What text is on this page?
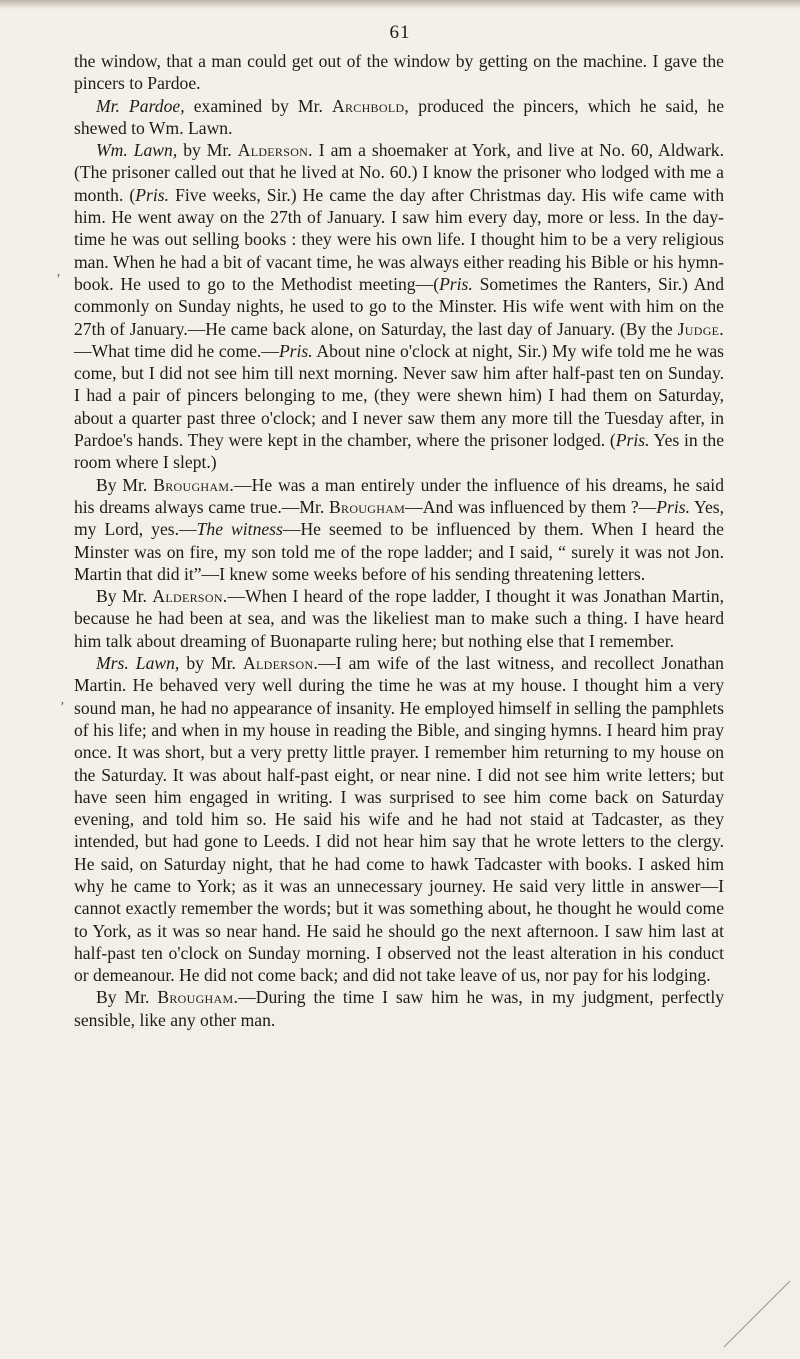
61
’
’

the window, that a man could get out of the window by getting on the machine. I gave the pincers to Pardoe.

Mr. Pardoe, examined by Mr. Archbold, produced the pincers, which he said, he shewed to Wm. Lawn.

Wm. Lawn, by Mr. Alderson. I am a shoemaker at York, and live at No. 60, Aldwark. (The prisoner called out that he lived at No. 60.) I know the prisoner who lodged with me a month. (Pris. Five weeks, Sir.) He came the day after Christmas day. His wife came with him. He went away on the 27th of January. I saw him every day, more or less. In the day-time he was out selling books : they were his own life. I thought him to be a very religious man. When he had a bit of vacant time, he was always either reading his Bible or his hymn-book. He used to go to the Methodist meeting—(Pris. Sometimes the Ranters, Sir.) And commonly on Sunday nights, he used to go to the Minster. His wife went with him on the 27th of January.—He came back alone, on Saturday, the last day of January. (By the Judge.—What time did he come.—Pris. About nine o'clock at night, Sir.) My wife told me he was come, but I did not see him till next morning. Never saw him after half-past ten on Sunday. I had a pair of pincers belonging to me, (they were shewn him) I had them on Saturday, about a quarter past three o'clock; and I never saw them any more till the Tuesday after, in Pardoe's hands. They were kept in the chamber, where the prisoner lodged. (Pris. Yes in the room where I slept.)

By Mr. Brougham.—He was a man entirely under the influence of his dreams, he said his dreams always came true.—Mr. Brougham—And was influenced by them ?—Pris. Yes, my Lord, yes.—The witness—He seemed to be influenced by them. When I heard the Minster was on fire, my son told me of the rope ladder; and I said, “ surely it was not Jon. Martin that did it”—I knew some weeks before of his sending threatening letters.

By Mr. Alderson.—When I heard of the rope ladder, I thought it was Jonathan Martin, because he had been at sea, and was the likeliest man to make such a thing. I have heard him talk about dreaming of Buonaparte ruling here; but nothing else that I remember.

Mrs. Lawn, by Mr. Alderson.—I am wife of the last witness, and recollect Jonathan Martin. He behaved very well during the time he was at my house. I thought him a very sound man, he had no appearance of insanity. He employed himself in selling the pamphlets of his life; and when in my house in reading the Bible, and singing hymns. I heard him pray once. It was short, but a very pretty little prayer. I remember him returning to my house on the Saturday. It was about half-past eight, or near nine. I did not see him write letters; but have seen him engaged in writing. I was surprised to see him come back on Saturday evening, and told him so. He said his wife and he had not staid at Tadcaster, as they intended, but had gone to Leeds. I did not hear him say that he wrote letters to the clergy. He said, on Saturday night, that he had come to hawk Tadcaster with books. I asked him why he came to York; as it was an unnecessary journey. He said very little in answer—I cannot exactly remember the words; but it was something about, he thought he would come to York, as it was so near hand. He said he should go the next afternoon. I saw him last at half-past ten o'clock on Sunday morning. I observed not the least alteration in his conduct or demeanour. He did not come back; and did not take leave of us, nor pay for his lodging.

By Mr. Brougham.—During the time I saw him he was, in my judgment, perfectly sensible, like any other man.
